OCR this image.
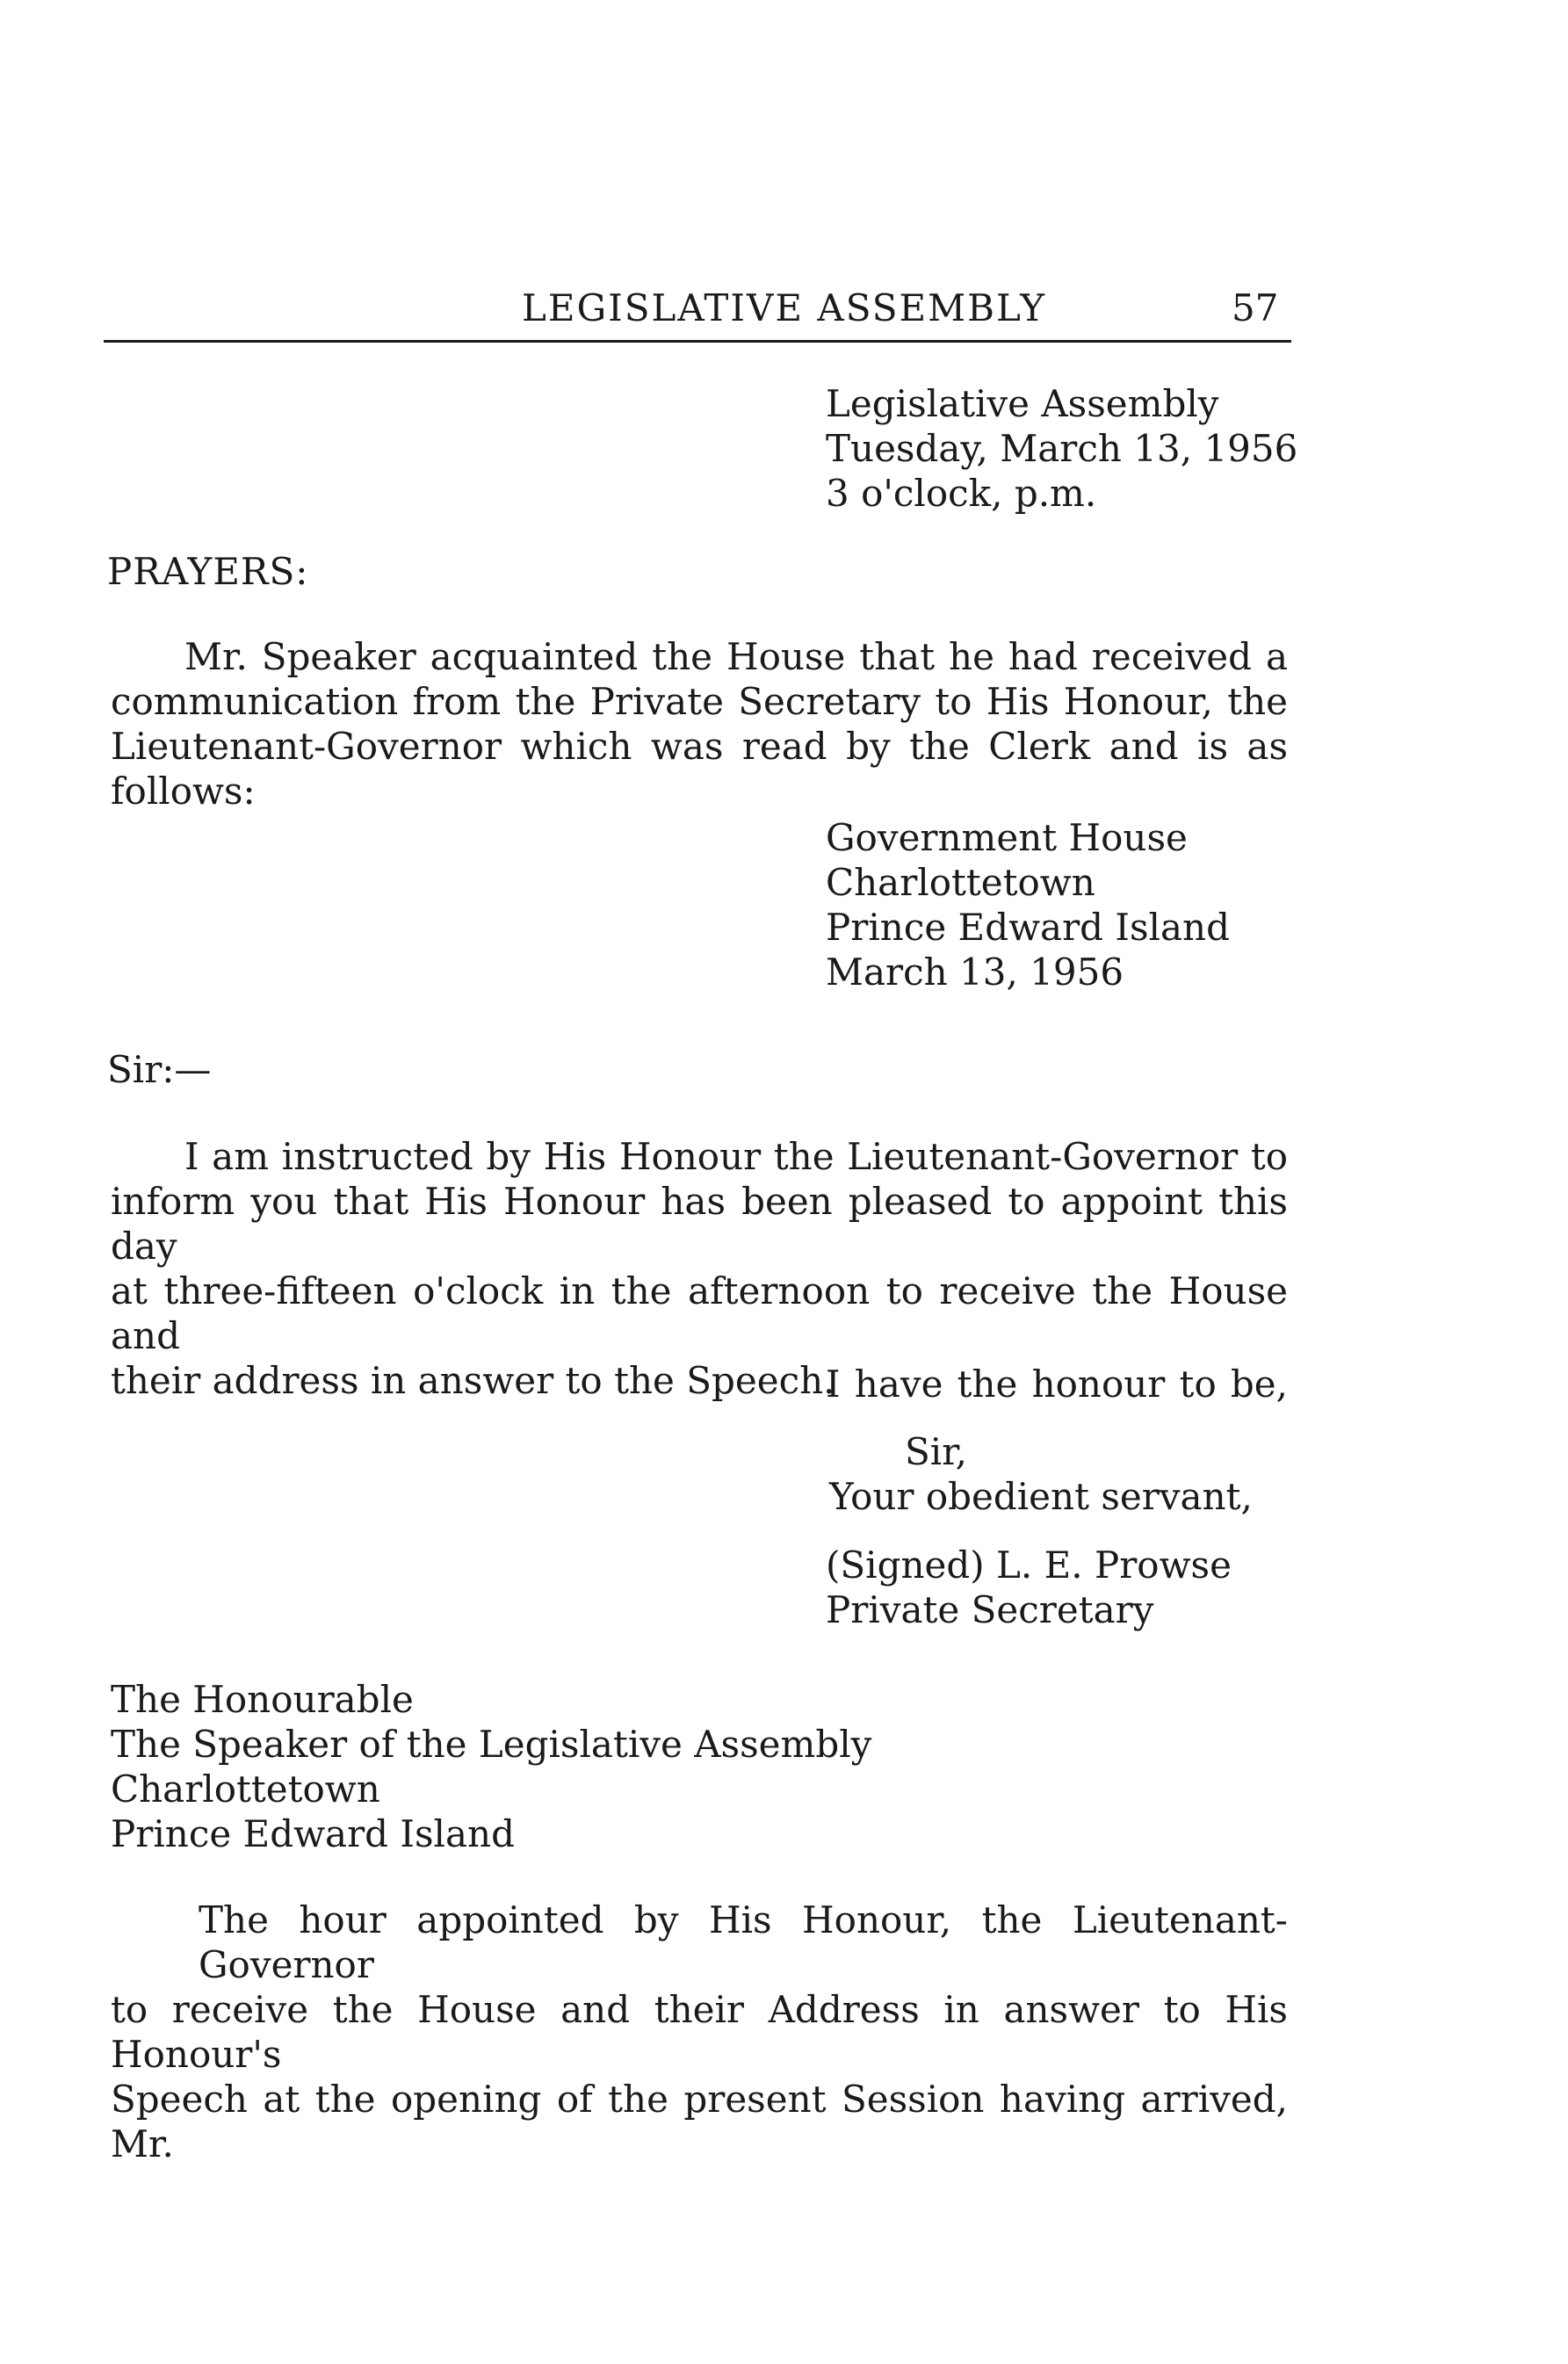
LEGISLATIVE ASSEMBLY	57
Legislative Assembly
Tuesday, March 13, 1956
3 o'clock, p.m.
PRAYERS:
Mr. Speaker acquainted the House that he had received a
communication from the Private Secretary to His Honour, the
Lieutenant-Governor which was read by the Clerk and is as follows:
Government House
Charlottetown
Prince Edward Island
March 13, 1956
Sir:—
I am instructed by His Honour the Lieutenant-Governor to
inform you that His Honour has been pleased to appoint this day
at three-fifteen o'clock in the afternoon to receive the House and
their address in answer to the Speech.
I have the honour to be,
Sir,
Your obedient servant,
(Signed) L. E. Prowse
Private Secretary
The Honourable
The Speaker of the Legislative Assembly
Charlottetown
Prince Edward Island
The hour appointed by His Honour, the Lieutenant-Governor
to receive the House and their Address in answer to His Honour's
Speech at the opening of the present Session having arrived, Mr.
